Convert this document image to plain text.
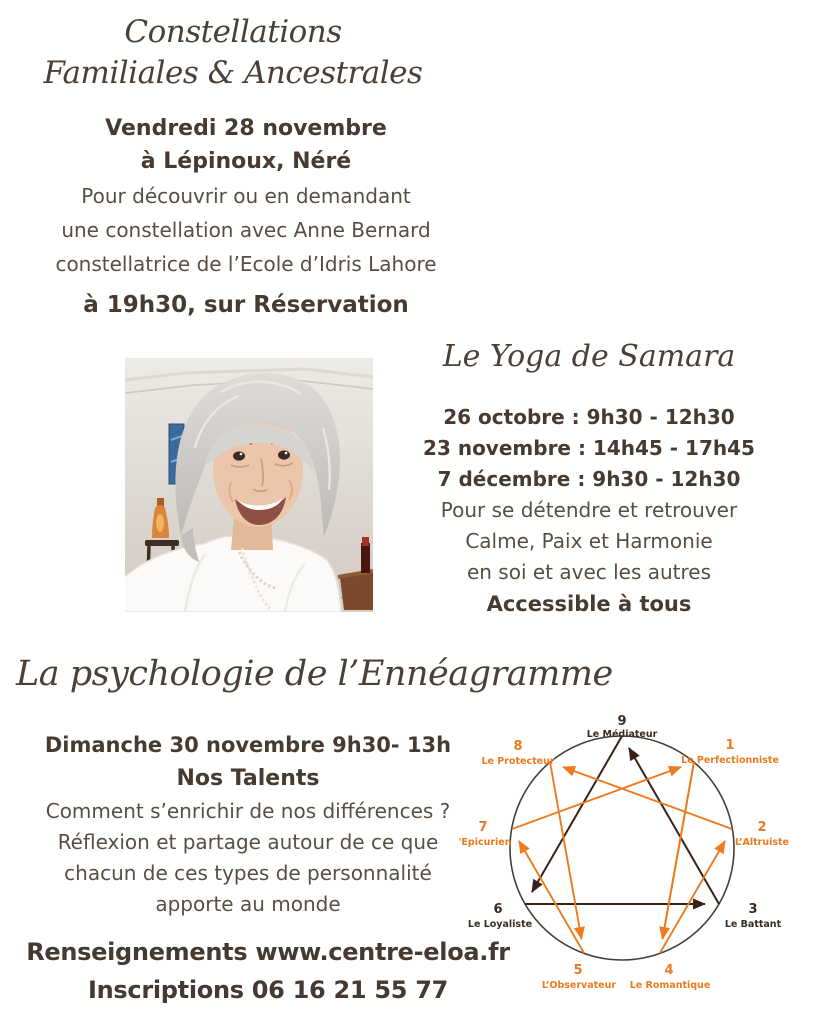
Constellations
Familiales & Ancestrales
Vendredi 28 novembre
à Lépinoux, Néré
Pour découvrir ou en demandant
une constellation avec Anne Bernard
constellatrice de l’Ecole d’Idris Lahore
à 19h30, sur Réservation
Le Yoga de Samara
26 octobre : 9h30 - 12h30
23 novembre : 14h45 - 17h45
7 décembre : 9h30 - 12h30
Pour se détendre et retrouver
Calme, Paix et Harmonie
en soi et avec les autres
Accessible à tous
La psychologie de l’Ennéagramme
Dimanche 30 novembre 9h30- 13h
Nos Talents
Comment s’enrichir de nos différences ?
Réflexion et partage autour de ce que
chacun de ces types de personnalité
apporte au monde
9
Le Médiateur
1
Le Perfectionniste
2
L’Altruiste
3
Le Battant
4
Le Romantique
5
L’Observateur
6
Le Loyaliste
7
'Epicurien
8
Le Protecteur
Renseignements www.centre-eloa.fr
Inscriptions 06 16 21 55 77
